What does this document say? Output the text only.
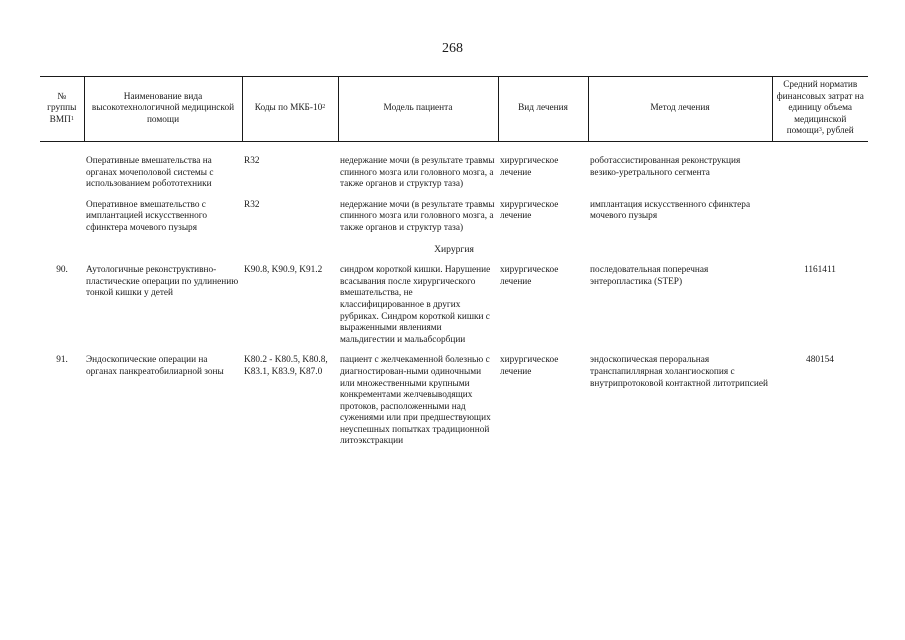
268
№ группы ВМП$^1$	Наименование вида высокотехнологичной медицинской помощи	Коды по МКБ-$10^2$	Модель пациента	Вид лечения	Метод лечения	Средний норматив финансовых затрат на единицу объема медицинской помощи$^3$, рублей

	Оперативные вмешательства на органах мочеполовой системы с использованием робототехники	R32	недержание мочи (в результате травмы спинного мозга или головного мозга, а также органов и структур таза)	хирургическое лечение	роботассистированная реконструкция везико-уретрального сегмента	
	Оперативное вмешательство с имплантацией искусственного сфинктера мочевого пузыря	R32	недержание мочи (в результате травмы спинного мозга или головного мозга, а также органов и структур таза)	хирургическое лечение	имплантация искусственного сфинктера мочевого пузыря	
Хирургия						
90.	Аутологичные реконструктивно-пластические операции по удлинению тонкой кишки у детей	K90.8, K90.9, K91.2	синдром короткой кишки. Нарушение всасывания после хирургического вмешательства, не классифицированное в других рубриках. Синдром короткой кишки с выраженными явлениями мальдигестии и мальабсорбции	хирургическое лечение	последовательная поперечная энтеропластика (STEP)	1161411
91.	Эндоскопические операции на органах панкреатобилиарной зоны	K80.2 - K80.5, K80.8, K83.1, K83.9, K87.0	пациент с желчекаменной болезнью с диагностирован-ными одиночными или множественными крупными конкрементами желчевыводящих протоков, расположенными над сужениями или при предшествующих неуспешных попытках традиционной литоэкстракции	хирургическое лечение	эндоскопическая пероральная транспапиллярная холангиоскопия с внутрипротоковой контактной литотрипсией	480154
